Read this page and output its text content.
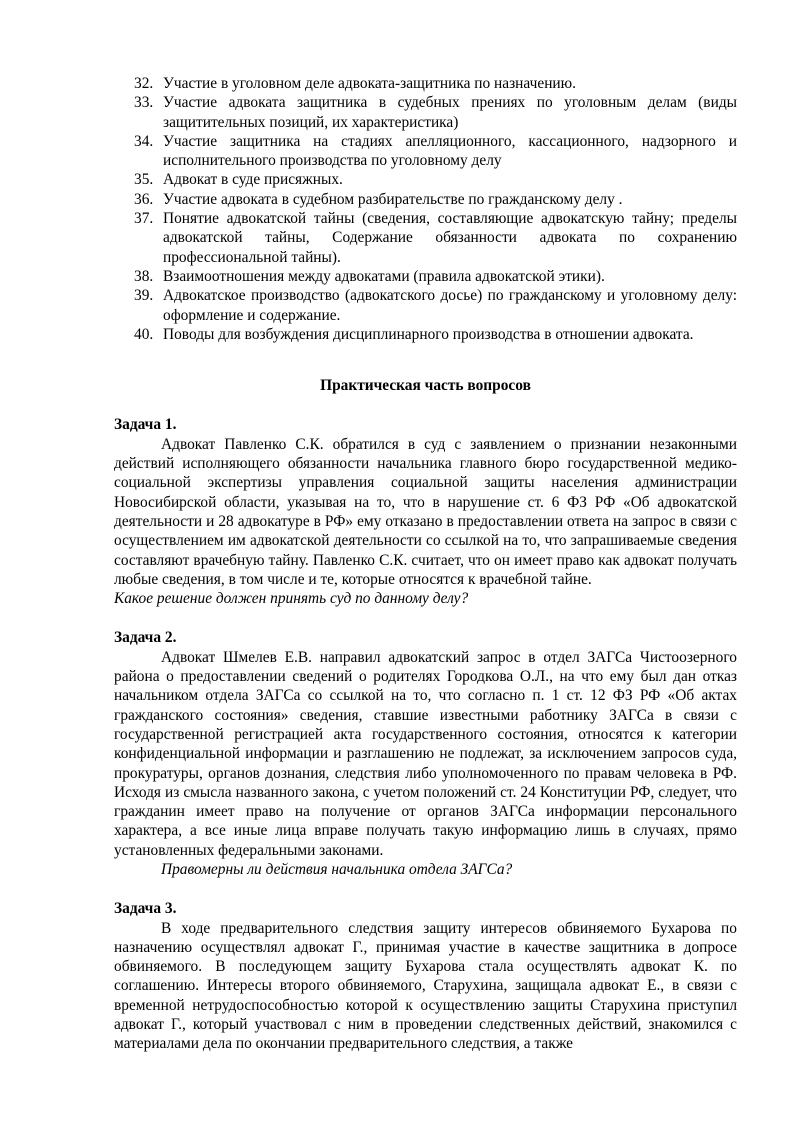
32. Участие в уголовном деле адвоката-защитника по назначению.
33. Участие адвоката защитника в судебных прениях по уголовным делам (виды защитительных позиций, их характеристика)
34. Участие защитника на стадиях апелляционного, кассационного, надзорного и исполнительного производства по уголовному делу
35. Адвокат в суде присяжных.
36. Участие адвоката в судебном разбирательстве по гражданскому делу .
37. Понятие адвокатской тайны (сведения, составляющие адвокатскую тайну; пределы адвокатской тайны, Содержание обязанности адвоката по сохранению профессиональной тайны).
38. Взаимоотношения между адвокатами (правила адвокатской этики).
39. Адвокатское производство (адвокатского досье) по гражданскому и уголовному делу: оформление и содержание.
40. Поводы для возбуждения дисциплинарного производства в отношении адвоката.
Практическая часть вопросов
Задача 1.

Адвокат Павленко С.К. обратился в суд с заявлением о признании незаконными действий исполняющего обязанности начальника главного бюро государственной медико-социальной экспертизы управления социальной защиты населения администрации Новосибирской области, указывая на то, что в нарушение ст. 6 ФЗ РФ «Об адвокатской деятельности и 28 адвокатуре в РФ» ему отказано в предоставлении ответа на запрос в связи с осуществлением им адвокатской деятельности со ссылкой на то, что запрашиваемые сведения составляют врачебную тайну. Павленко С.К. считает, что он имеет право как адвокат получать любые сведения, в том числе и те, которые относятся к врачебной тайне.

Какое решение должен принять суд по данному делу?

Задача 2.

Адвокат Шмелев Е.В. направил адвокатский запрос в отдел ЗАГСа Чистоозерного района о предоставлении сведений о родителях Городкова О.Л., на что ему был дан отказ начальником отдела ЗАГСа со ссылкой на то, что согласно п. 1 ст. 12 ФЗ РФ «Об актах гражданского состояния» сведения, ставшие известными работнику ЗАГСа в связи с государственной регистрацией акта государственного состояния, относятся к категории конфиденциальной информации и разглашению не подлежат, за исключением запросов суда, прокуратуры, органов дознания, следствия либо уполномоченного по правам человека в РФ. Исходя из смысла названного закона, с учетом положений ст. 24 Конституции РФ, следует, что гражданин имеет право на получение от органов ЗАГСа информации персонального характера, а все иные лица вправе получать такую информацию лишь в случаях, прямо установленных федеральными законами.

Правомерны ли действия начальника отдела ЗАГСа?

Задача 3.

В ходе предварительного следствия защиту интересов обвиняемого Бухарова по назначению осуществлял адвокат Г., принимая участие в качестве защитника в допросе обвиняемого. В последующем защиту Бухарова стала осуществлять адвокат К. по соглашению. Интересы второго обвиняемого, Старухина, защищала адвокат Е., в связи с временной нетрудоспособностью которой к осуществлению защиты Старухина приступил адвокат Г., который участвовал с ним в проведении следственных действий, знакомился с материалами дела по окончании предварительного следствия, а также
